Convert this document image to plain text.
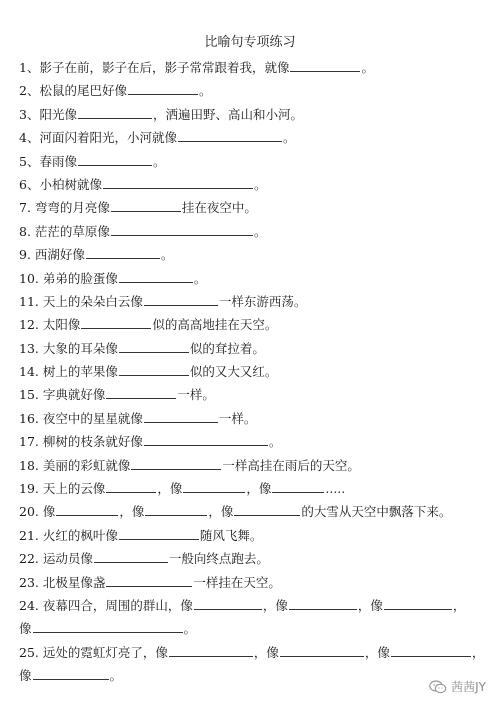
比喻句专项练习
1、影子在前，影子在后，影子常常跟着我，就像	。
2、松鼠的尾巴好像	。
3、阳光像	，洒遍田野、高山和小河。
4、河面闪着阳光，小河就像	。
5、春雨像	。
6、小柏树就像	。
7. 弯弯的月亮像	挂在夜空中。
8. 茫茫的草原像	。
9. 西湖好像	。
10. 弟弟的脸蛋像	。
11. 天上的朵朵白云像	一样东游西荡。
12. 太阳像	似的高高地挂在天空。
13. 大象的耳朵像	似的耷拉着。
14. 树上的苹果像	似的又大又红。
15. 字典就好像	一样。
16. 夜空中的星星就像	一样。
17. 柳树的枝条就好像	。
18. 美丽的彩虹就像	一样高挂在雨后的天空。
19. 天上的云像	，像	，像	.....
20. 像	，像	，像	的大雪从天空中飘落下来。
21. 火红的枫叶像	随风飞舞。
22. 运动员像	一般向终点跑去。
23. 北极星像盏	一样挂在天空。
24. 夜幕四合，周围的群山，像	，像	，像	，
像	。
25. 远处的霓虹灯亮了，像	，像	，像	，
像	。
茜茜JY
